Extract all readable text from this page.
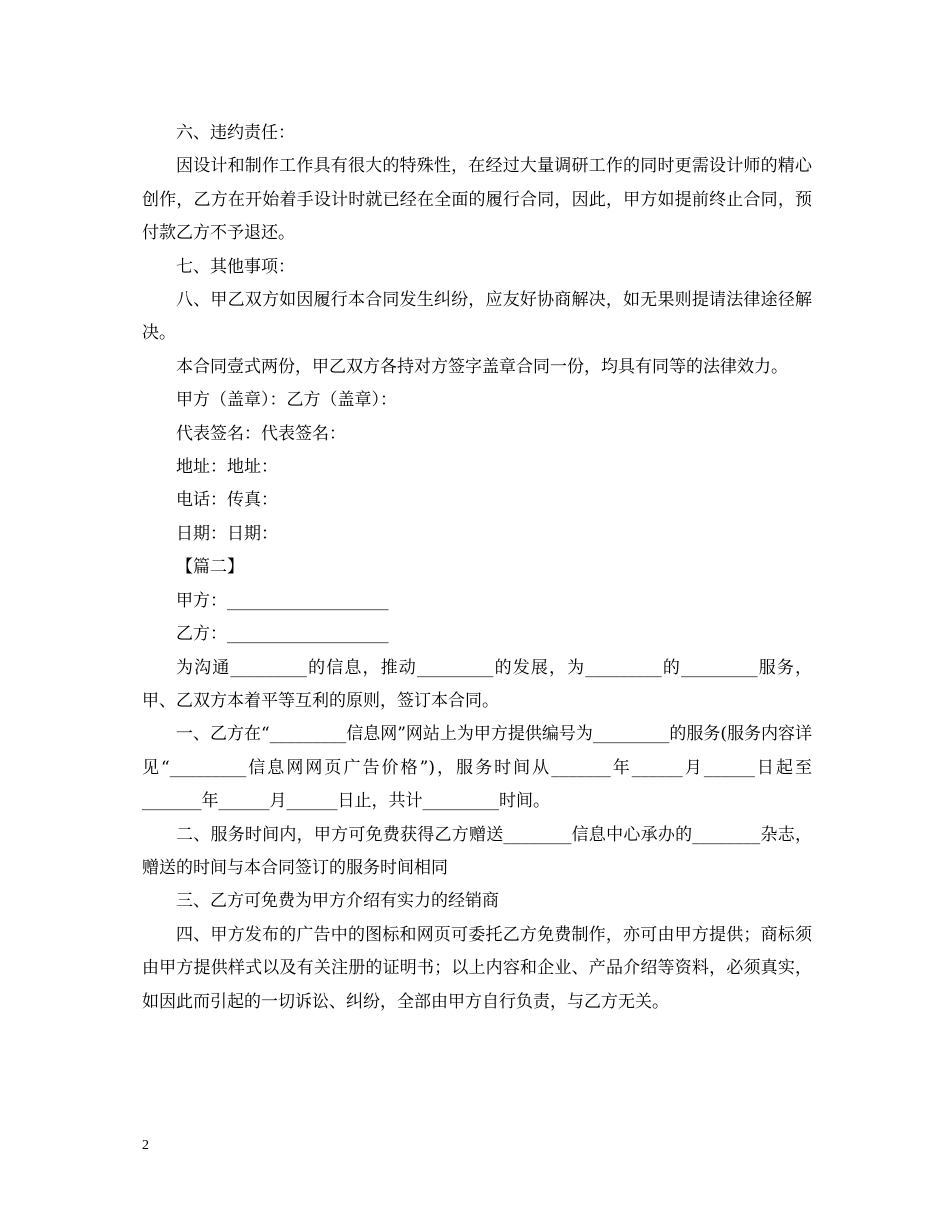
六、违约责任：

因设计和制作工作具有很大的特殊性，在经过大量调研工作的同时更需设计师的精心创作，乙方在开始着手设计时就已经在全面的履行合同，因此，甲方如提前终止合同，预付款乙方不予退还。

七、其他事项：

八、甲乙双方如因履行本合同发生纠纷，应友好协商解决，如无果则提请法律途径解决。

本合同壹式两份，甲乙双方各持对方签字盖章合同一份，均具有同等的法律效力。

甲方（盖章）：乙方（盖章）：

代表签名：代表签名：

地址：地址：

电话：传真：

日期：日期：

【篇二】

甲方：___________________

乙方：___________________

为沟通_________的信息，推动_________的发展，为_________的_________服务，甲、乙双方本着平等互利的原则，签订本合同。

一、乙方在“_________信息网”网站上为甲方提供编号为_________的服务(服务内容详见“_________信息网网页广告价格”)，服务时间从_______年______月______日起至_______年______月______日止，共计_________时间。

二、服务时间内，甲方可免费获得乙方赠送________信息中心承办的________杂志，赠送的时间与本合同签订的服务时间相同

三、乙方可免费为甲方介绍有实力的经销商

四、甲方发布的广告中的图标和网页可委托乙方免费制作，亦可由甲方提供；商标须由甲方提供样式以及有关注册的证明书；以上内容和企业、产品介绍等资料，必须真实，如因此而引起的一切诉讼、纠纷，全部由甲方自行负责，与乙方无关。

2
